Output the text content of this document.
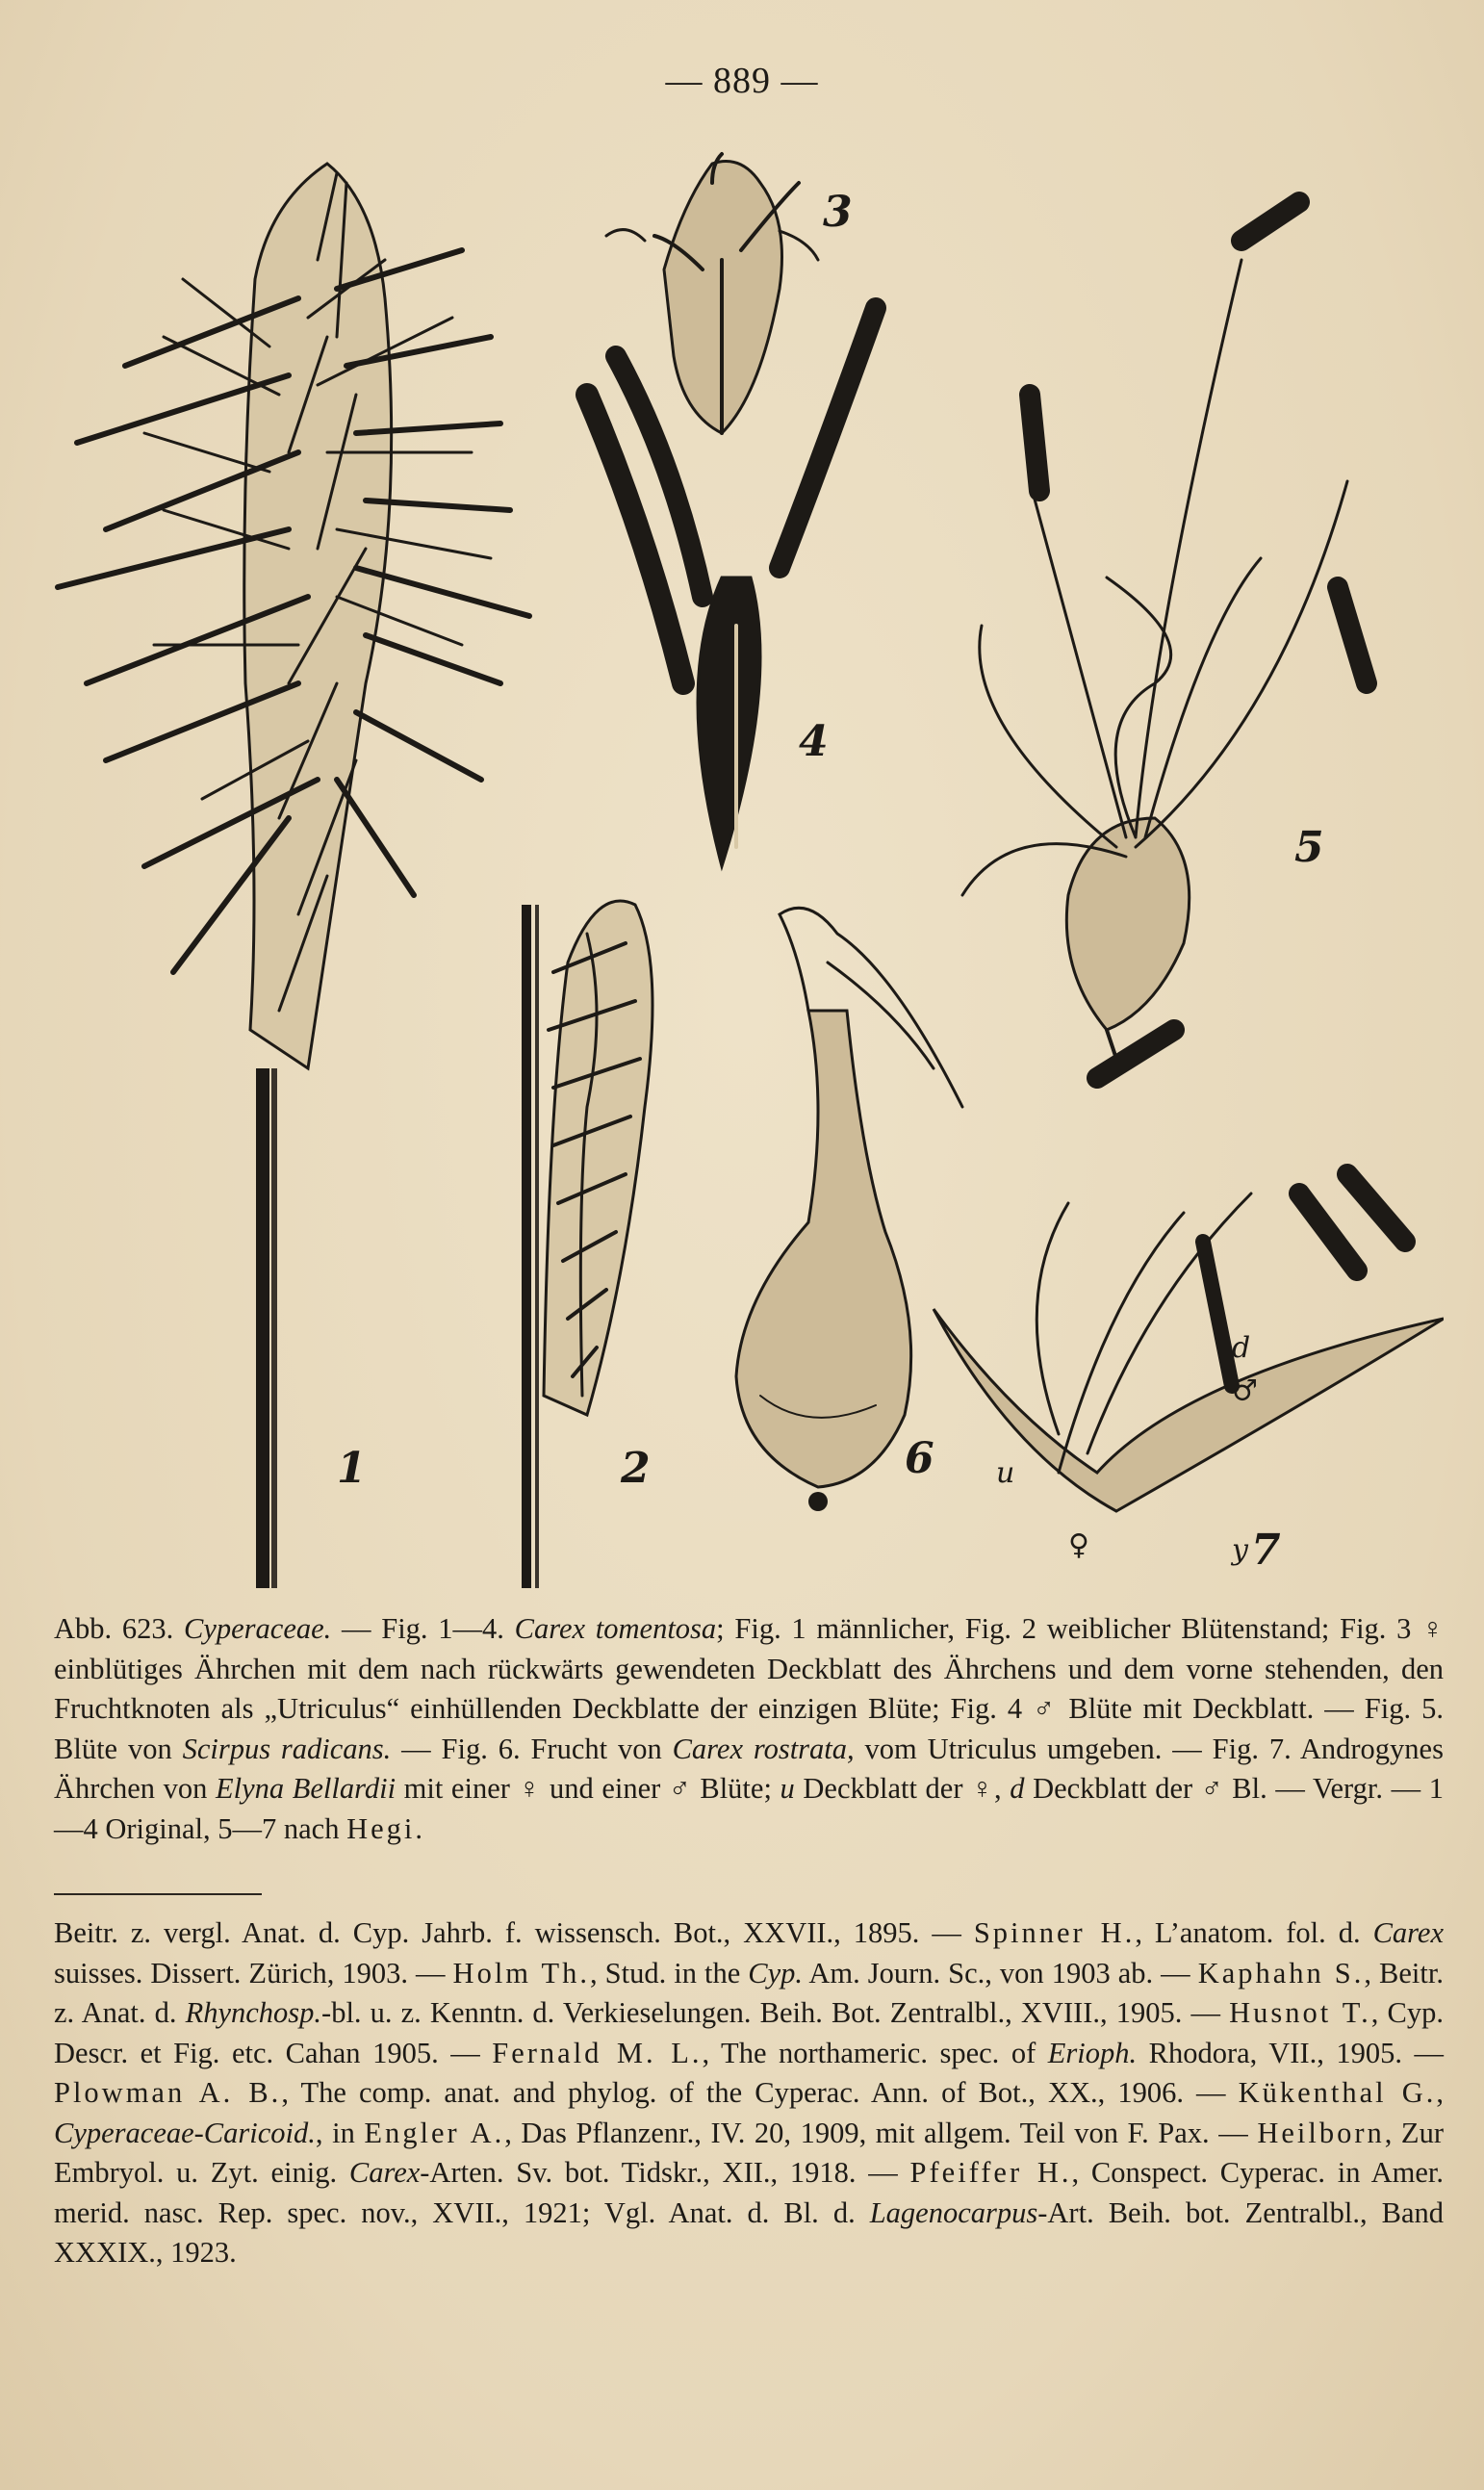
— 889 —
1	2
3
4
5
6
7
d
♂
u
♀	y

Abb. 623. Cyperaceae. — Fig. 1—4. Carex tomentosa; Fig. 1 männlicher, Fig. 2 weiblicher Blütenstand; Fig. 3 ♀ einblütiges Ährchen mit dem nach rückwärts gewendeten Deckblatt des Ährchens und dem vorne stehenden, den Fruchtknoten als „Utriculus“ einhüllenden Deckblatte der einzigen Blüte; Fig. 4 ♂ Blüte mit Deckblatt. — Fig. 5. Blüte von Scirpus radicans. — Fig. 6. Frucht von Carex rostrata, vom Utriculus umgeben. — Fig. 7. Androgynes Ährchen von Elyna Bellardii mit einer ♀ und einer ♂ Blüte; u Deckblatt der ♀, d Deckblatt der ♂ Bl. — Vergr. — 1—4 Original, 5—7 nach Hegi.

Beitr. z. vergl. Anat. d. Cyp. Jahrb. f. wissensch. Bot., XXVII., 1895. — Spinner H., L’anatom. fol. d. Carex suisses. Dissert. Zürich, 1903. — Holm Th., Stud. in the Cyp. Am. Journ. Sc., von 1903 ab. — Kaphahn S., Beitr. z. Anat. d. Rhynchosp.-bl. u. z. Kenntn. d. Verkieselungen. Beih. Bot. Zentralbl., XVIII., 1905. — Husnot T., Cyp. Descr. et Fig. etc. Cahan 1905. — Fernald M. L., The northameric. spec. of Erioph. Rhodora, VII., 1905. — Plowman A. B., The comp. anat. and phylog. of the Cyperac. Ann. of Bot., XX., 1906. — Kükenthal G., Cyperaceae-Caricoid., in Engler A., Das Pflanzenr., IV. 20, 1909, mit allgem. Teil von F. Pax. — Heilborn, Zur Embryol. u. Zyt. einig. Carex-Arten. Sv. bot. Tidskr., XII., 1918. — Pfeiffer H., Conspect. Cyperac. in Amer. merid. nasc. Rep. spec. nov., XVII., 1921; Vgl. Anat. d. Bl. d. Lagenocarpus-Art. Beih. bot. Zentralbl., Band XXXIX., 1923.
